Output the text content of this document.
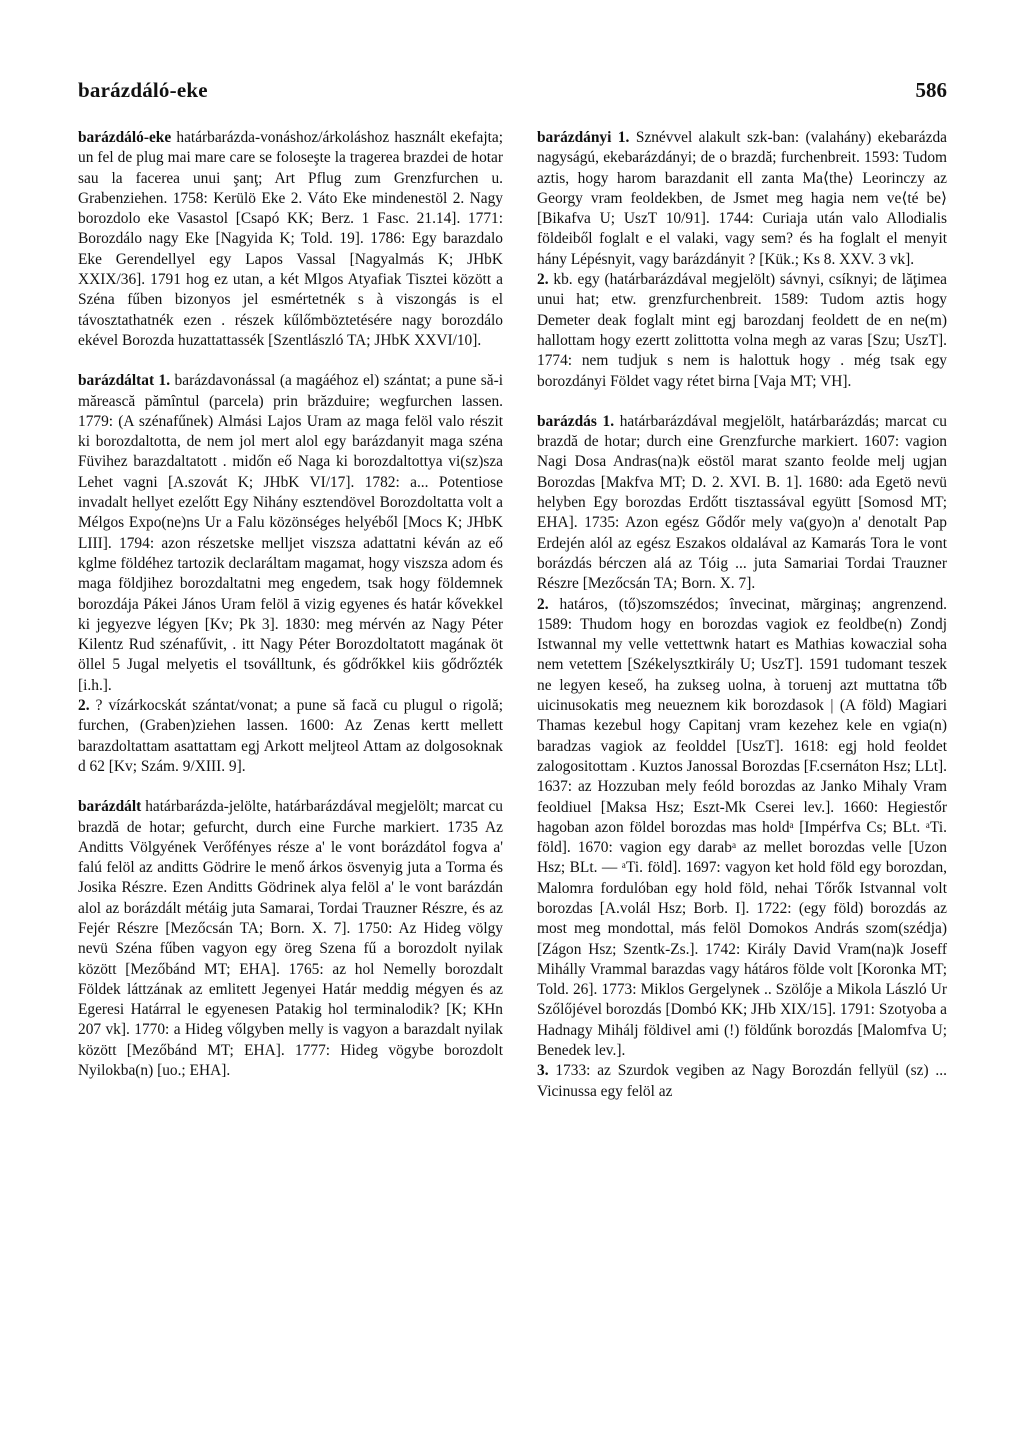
barázdáló-eke	586

barázdáló-eke határbarázda-vonáshoz/árkoláshoz használt ekefajta; un fel de plug mai mare care se foloseşte la tragerea brazdei de hotar sau la facerea unui şanţ; Art Pflug zum Grenzfurchen u. Grabenziehen. 1758: Kerülö Eke 2. Váto Eke mindenestöl 2. Nagy borozdolo eke Vasastol [Csapó KK; Berz. 1 Fasc. 21.14]. 1771: Borozdálo nagy Eke [Nagyida K; Told. 19]. 1786: Egy barazdalo Eke Gerendellyel egy Lapos Vassal [Nagyalmás K; JHbK XXIX/36]. 1791 hog ez utan, a két Mlgos Atyafiak Tisztei között a Széna fűben bizonyos jel esmértetnék s à viszongás is el távosztathatnék ezen . részek kűlőmböztetésére nagy borozdálo ekével Borozda huzattattassék [Szentlászló TA; JHbK XXVI/10].

barázdáltat 1. barázdavonással (a magáéhoz el) szántat; a pune să-i mărească pămîntul (parcela) prin brăzduire; wegfurchen lassen. 1779: (A szénafűnek) Almási Lajos Uram az maga felöl valo részit ki borozdaltotta, de nem jol mert alol egy barázdanyit maga széna Füvihez barazdaltatott . midőn eő Naga ki borozdaltottya vi(sz)sza Lehet vagni [A.szovát K; JHbK VI/17]. 1782: a... Potentiose invadalt hellyet ezelőtt Egy Nihány esztendövel Borozdoltatta volt a Mélgos Expo(ne)ns Ur a Falu közönséges helyéből [Mocs K; JHbK LIII]. 1794: azon részetske melljet viszsza adattatni kéván az eő kglme földéhez tartozik declaráltam magamat, hogy viszsza adom és maga földjihez borozdaltatni meg engedem, tsak hogy földemnek borozdája Pákei János Uram felöl ā vizig egyenes és határ kővekkel ki jegyezve légyen [Kv; Pk 3]. 1830: meg mérvén az Nagy Péter Kilentz Rud szénafűvit, . itt Nagy Péter Borozdoltatott magának öt öllel 5 Jugal melyetis el tsoválltunk, és gődrőkkel kiis gődrőzték [i.h.].

2. ? vízárkocskát szántat/vonat; a pune să facă cu plugul o rigolă; furchen, (Graben)ziehen lassen. 1600: Az Zenas kertt mellett barazdoltattam asattattam egj Arkott meljteol Attam az dolgosoknak d 62 [Kv; Szám. 9/XIII. 9].

barázdált határbarázda-jelölte, határbarázdával megjelölt; marcat cu brazdă de hotar; gefurcht, durch eine Furche markiert. 1735 Az Anditts Völgyének Verőfényes része a' le vont borázdátol fogva a' falú felöl az anditts Gödrire le menő árkos ösvenyig juta a Torma és Josika Részre. Ezen Anditts Gödrinek alya felöl a' le vont barázdán alol az borázdált métáig juta Samarai, Tordai Trauzner Részre, és az Fejér Részre [Mezőcsán TA; Born. X. 7]. 1750: Az Hideg völgy nevü Széna fűben vagyon egy öreg Szena fű a borozdolt nyilak között [Mezőbánd MT; EHA]. 1765: az hol Nemelly borozdalt Földek láttzának az emlitett Jegenyei Határ meddig mégyen és az Egeresi Határral le egyenesen Patakig hol terminalodik? [K; KHn 207 vk]. 1770: a Hideg vőlgyben melly is vagyon a barazdalt nyilak között [Mezőbánd MT; EHA]. 1777: Hideg vögybe borozdolt Nyilokba(n) [uo.; EHA].

barázdányi 1. Sznévvel alakult szk-ban: (valahány) ekebarázda nagyságú, ekebarázdányi; de o brazdă; furchenbreit. 1593: Tudom aztis, hogy harom barazdanit ell zanta Ma⟨the⟩ Leorinczy az Georgy vram feoldekben, de Jsmet meg hagia nem ve⟨té be⟩ [Bikafva U; UszT 10/91]. 1744: Curiaja után valo Allodialis földeiből foglalt e el valaki, vagy sem? és ha foglalt el menyit hány Lépésnyit, vagy barázdányit ? [Kük.; Ks 8. XXV. 3 vk].

2. kb. egy (határbarázdával megjelölt) sávnyi, csíknyi; de lăţimea unui hat; etw. grenzfurchenbreit. 1589: Tudom aztis hogy Demeter deak foglalt mint egj barozdanj feoldett de en ne(m) hallottam hogy ezertt zolittotta volna megh az varas [Szu; UszT]. 1774: nem tudjuk s nem is halottuk hogy . még tsak egy borozdányi Földet vagy rétet birna [Vaja MT; VH].

barázdás 1. határbarázdával megjelölt, határbarázdás; marcat cu brazdă de hotar; durch eine Grenzfurche markiert. 1607: vagion Nagi Dosa Andras(na)k eöstöl marat szanto feolde melj ugjan Borozdas [Makfva MT; D. 2. XVI. B. 1]. 1680: ada Egetö nevü helyben Egy borozdas Erdőtt tisztassával együtt [Somosd MT; EHA]. 1735: Azon egész Gődőr mely va(gyo)n a' denotalt Pap Erdején alól az egész Eszakos oldalával az Kamarás Tora le vont borázdás bérczen alá az Tóig ... juta Samariai Tordai Trauzner Részre [Mezőcsán TA; Born. X. 7].

2. határos, (tő)szomszédos; învecinat, mărginaş; angrenzend. 1589: Thudom hogy en borozdas vagiok ez feoldbe(n) Zondj Istwannal my velle vettettwnk hatart es Mathias kowaczial soha nem vetettem [Székelysztkirály U; UszT]. 1591 tudomant teszek ne legyen keseő, ha zukseg uolna, à toruenj azt muttatna tő̄b uicinusokatis meg neueznem kik borozdasok | (A föld) Magiari Thamas kezebul hogy Capitanj vram kezehez kele en vgia(n) baradzas vagiok az feolddel [UszT]. 1618: egj hold feoldet zalogositottam . Kuztos Janossal Borozdas [F.csernáton Hsz; LLt]. 1637: az Hozzuban mely feóld borozdas az Janko Mihaly Vram feoldiuel [Maksa Hsz; Eszt-Mk Cserei lev.]. 1660: Hegiestőr hagoban azon földel borozdas mas holdᵃ [Impérfva Cs; BLt. ᵃTi. föld]. 1670: vagion egy darabᵃ az mellet borozdas velle [Uzon Hsz; BLt. — ᵃTi. föld]. 1697: vagyon ket hold föld egy borozdan, Malomra fordulóban egy hold föld, nehai Tőrők Istvannal volt borozdas [A.volál Hsz; Borb. I]. 1722: (egy föld) borozdás az most meg mondottal, más felöl Domokos András szom(szédja) [Zágon Hsz; Szentk-Zs.]. 1742: Király David Vram(na)k Joseff Mihálly Vrammal barazdas vagy hátáros földe volt [Koronka MT; Told. 26]. 1773: Miklos Gergelynek .. Szölője a Mikola László Ur Szőlőjével borozdás [Dombó KK; JHb XIX/15]. 1791: Szotyoba a Hadnagy Mihálj földivel ami (!) földűnk borozdás [Malomfva U; Benedek lev.].

3. 1733: az Szurdok vegiben az Nagy Borozdán fellyül (sz) ... Vicinussa egy felöl az
